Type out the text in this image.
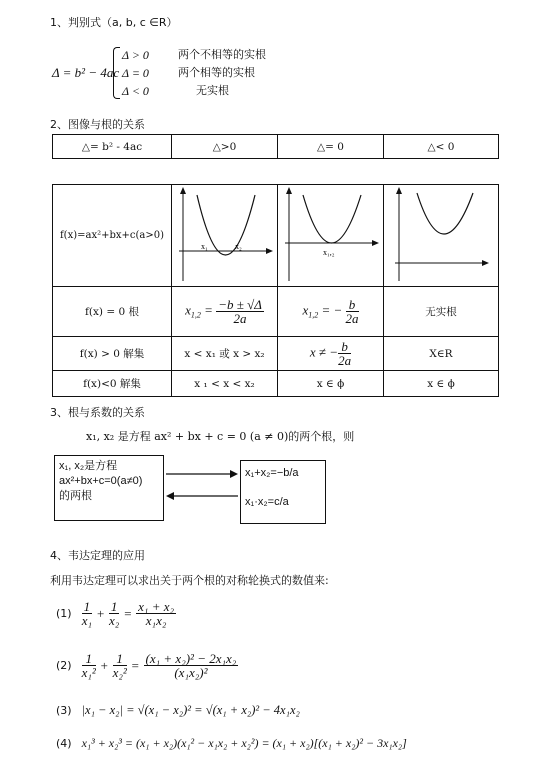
1、判别式（a, b, c ∈R）
Δ = b² − 4ac
Δ > 0	两个不相等的实根
Δ = 0	两个相等的实根
Δ < 0	无实根
2、图像与根的关系
△= b² - 4ac	△>0	△= 0	△< 0
f(x)=ax²+bx+c(a>0)	x₁ x₂	x₁,₂

f(x) = 0 根	$x_{1,2} = \frac{-b \pm √\Delta}{2a}$	$x_{1,2}$ = − $\frac{b}{2a}$	无实根
f(x) > 0 解集	x < x₁ 或 x > x₂	x ≠ − $\frac{b}{2a}$	X∈R
f(x)<0 解集	x ₁ < x < x₂	x ∈ ϕ	x ∈ ϕ
3、根与系数的关系
x₁, x₂ 是方程 ax² + bx + c = 0 (a ≠ 0)的两个根，则
x₁, x₂是方程
ax²+bx+c=0(a≠0)
的两根
x₁+x₂=−b/a
x₁·x₂=c/a
4、韦达定理的应用
利用韦达定理可以求出关于两个根的对称轮换式的数值来:
$(1) \frac{1}{\text{x₁}} + \frac{1}{\text{x₂}} = \frac{\text{x₁ + x₂}}{\text{x₁x₂}}$
$(2) \frac{1}{\text{x₁²}} + \frac{1}{\text{x₂²}} = \frac{\text{(x₁ + x₂)² − 2x₁x₂}}{\text{(x₁x₂)²}}$
(3) |x₁ − x₂| = √(x₁ − x₂)² = √(x₁ + x₂)² − 4x₁x₂
(4) x₁³ + x₂³ = (x₁ + x₂)(x₁² − x₁x₂ + x₂²) = (x₁ + x₂)[(x₁ + x₂)² − 3x₁x₂]
